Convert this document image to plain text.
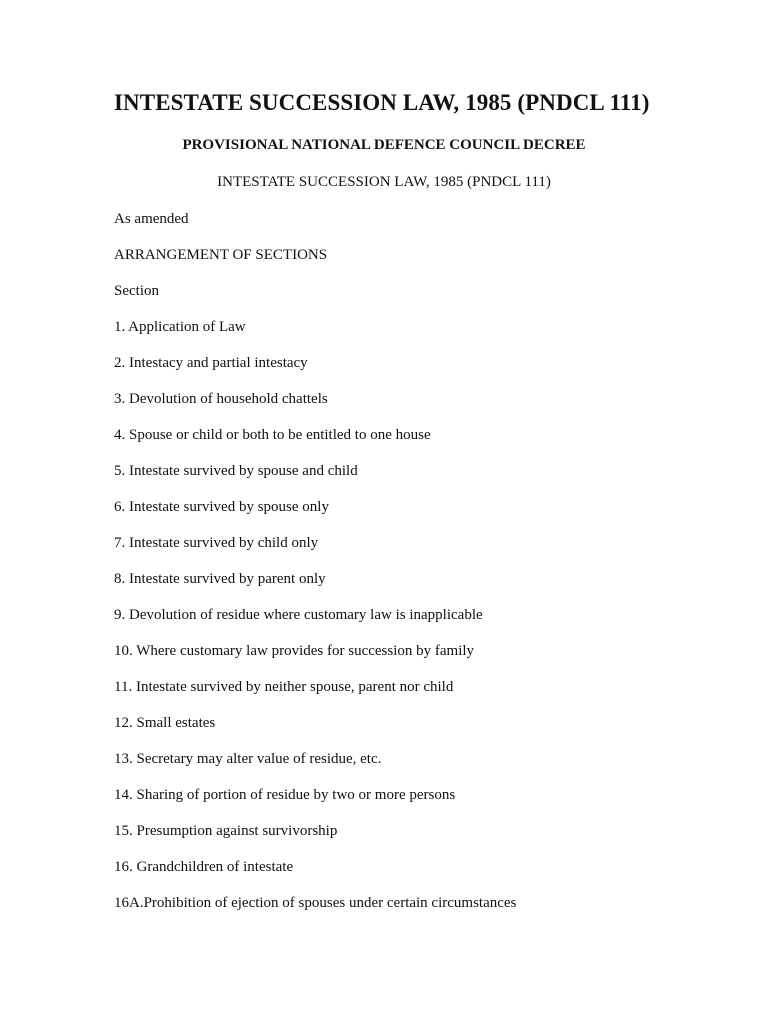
INTESTATE SUCCESSION LAW, 1985 (PNDCL 111)
PROVISIONAL NATIONAL DEFENCE COUNCIL DECREE
INTESTATE SUCCESSION LAW, 1985 (PNDCL 111)
As amended
ARRANGEMENT OF SECTIONS
Section
1. Application of Law
2. Intestacy and partial intestacy
3. Devolution of household chattels
4. Spouse or child or both to be entitled to one house
5. Intestate survived by spouse and child
6. Intestate survived by spouse only
7. Intestate survived by child only
8. Intestate survived by parent only
9. Devolution of residue where customary law is inapplicable
10. Where customary law provides for succession by family
11. Intestate survived by neither spouse, parent nor child
12. Small estates
13. Secretary may alter value of residue, etc.
14. Sharing of portion of residue by two or more persons
15. Presumption against survivorship
16. Grandchildren of intestate
16A.Prohibition of ejection of spouses under certain circumstances
